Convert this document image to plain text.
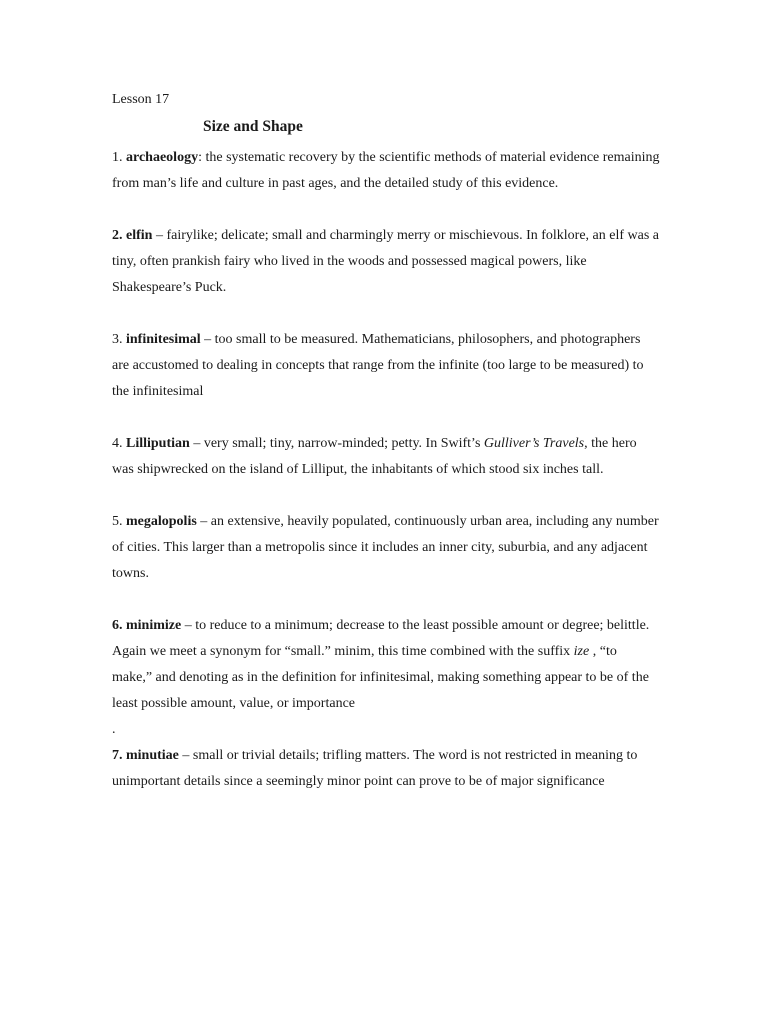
Lesson 17
Size and Shape

1. archaeology: the systematic recovery by the scientific methods of material evidence remaining from man’s life and culture in past ages, and the detailed study of this evidence.

2. elfin – fairylike; delicate; small and charmingly merry or mischievous. In folklore, an elf was a tiny, often prankish fairy who lived in the woods and possessed magical powers, like Shakespeare’s Puck.

3. infinitesimal – too small to be measured. Mathematicians, philosophers, and photographers are accustomed to dealing in concepts that range from the infinite (too large to be measured) to the infinitesimal

4. Lilliputian – very small; tiny, narrow-minded; petty. In Swift’s Gulliver’s Travels, the hero was shipwrecked on the island of Lilliput, the inhabitants of which stood six inches tall.

5. megalopolis – an extensive, heavily populated, continuously urban area, including any number of cities. This larger than a metropolis since it includes an inner city, suburbia, and any adjacent towns.

6. minimize – to reduce to a minimum; decrease to the least possible amount or degree; belittle. Again we meet a synonym for “small.” minim, this time combined with the suffix ize , “to make,” and denoting as in the definition for infinitesimal, making something appear to be of the least possible amount, value, or importance

.

7. minutiae – small or trivial details; trifling matters. The word is not restricted in meaning to unimportant details since a seemingly minor point can prove to be of major significance
